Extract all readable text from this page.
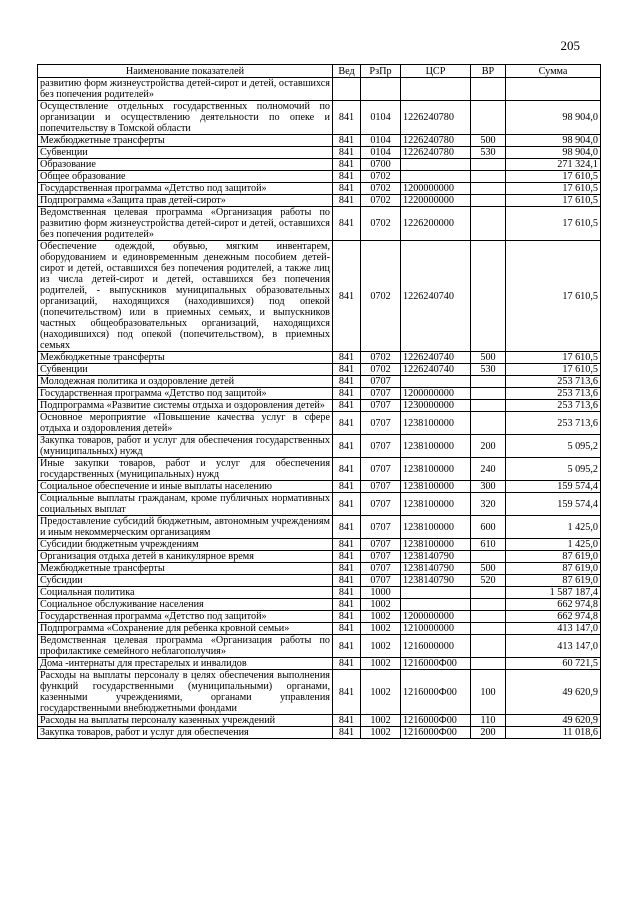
205
Наименование показателей	Вед	РзПр	ЦСР	ВР	Сумма
развитию форм жизнеустройства детей-сирот и детей, оставшихся без попечения родителей»					
Осуществление отдельных государственных полномочий по организации и осуществлению деятельности по опеке и попечительству в Томской области	841	0104	1226240780		98 904,0
Межбюджетные трансферты	841	0104	1226240780	500	98 904,0
Субвенции	841	0104	1226240780	530	98 904,0
Образование	841	0700			271 324,1
Общее образование	841	0702			17 610,5
Государственная программа «Детство под защитой»	841	0702	1200000000		17 610,5
Подпрограмма «Защита прав детей-сирот»	841	0702	1220000000		17 610,5
Ведомственная целевая программа «Организация работы по развитию форм жизнеустройства детей-сирот и детей, оставшихся без попечения родителей»	841	0702	1226200000		17 610,5
Обеспечение одеждой, обувью, мягким инвентарем, оборудованием и единовременным денежным пособием детей-сирот и детей, оставшихся без попечения родителей, а также лиц из числа детей-сирот и детей, оставшихся без попечения родителей, - выпускников муниципальных образовательных организаций, находящихся (находившихся) под опекой (попечительством) или в приемных семьях, и выпускников частных общеобразовательных организаций, находящихся (находившихся) под опекой (попечительством), в приемных семьях	841	0702	1226240740		17 610,5
Межбюджетные трансферты	841	0702	1226240740	500	17 610,5
Субвенции	841	0702	1226240740	530	17 610,5
Молодежная политика и оздоровление детей	841	0707			253 713,6
Государственная программа «Детство под защитой»	841	0707	1200000000		253 713,6
Подпрограмма «Развитие системы отдыха и оздоровления детей»	841	0707	1230000000		253 713,6
Основное мероприятие «Повышение качества услуг в сфере отдыха и оздоровления детей»	841	0707	1238100000		253 713,6
Закупка товаров, работ и услуг для обеспечения государственных (муниципальных) нужд	841	0707	1238100000	200	5 095,2
Иные закупки товаров, работ и услуг для обеспечения государственных (муниципальных) нужд	841	0707	1238100000	240	5 095,2
Социальное обеспечение и иные выплаты населению	841	0707	1238100000	300	159 574,4
Социальные выплаты гражданам, кроме публичных нормативных социальных выплат	841	0707	1238100000	320	159 574,4
Предоставление субсидий бюджетным, автономным учреждениям и иным некоммерческим организациям	841	0707	1238100000	600	1 425,0
Субсидии бюджетным учреждениям	841	0707	1238100000	610	1 425,0
Организация отдыха детей в каникулярное время	841	0707	1238140790		87 619,0
Межбюджетные трансферты	841	0707	1238140790	500	87 619,0
Субсидии	841	0707	1238140790	520	87 619,0
Социальная политика	841	1000			1 587 187,4
Социальное обслуживание населения	841	1002			662 974,8
Государственная программа «Детство под защитой»	841	1002	1200000000		662 974,8
Подпрограмма «Сохранение для ребенка кровной семьи»	841	1002	1210000000		413 147,0
Ведомственная целевая программа «Организация работы по профилактике семейного неблагополучия»	841	1002	1216000000		413 147,0
Дома -интернаты для престарелых и инвалидов	841	1002	1216000Ф00		60 721,5
Расходы на выплаты персоналу в целях обеспечения выполнения функций государственными (муниципальными) органами, казенными учреждениями, органами управления государственными внебюджетными фондами	841	1002	1216000Ф00	100	49 620,9
Расходы на выплаты персоналу казенных учреждений	841	1002	1216000Ф00	110	49 620,9
Закупка товаров, работ и услуг для обеспечения	841	1002	1216000Ф00	200	11 018,6
